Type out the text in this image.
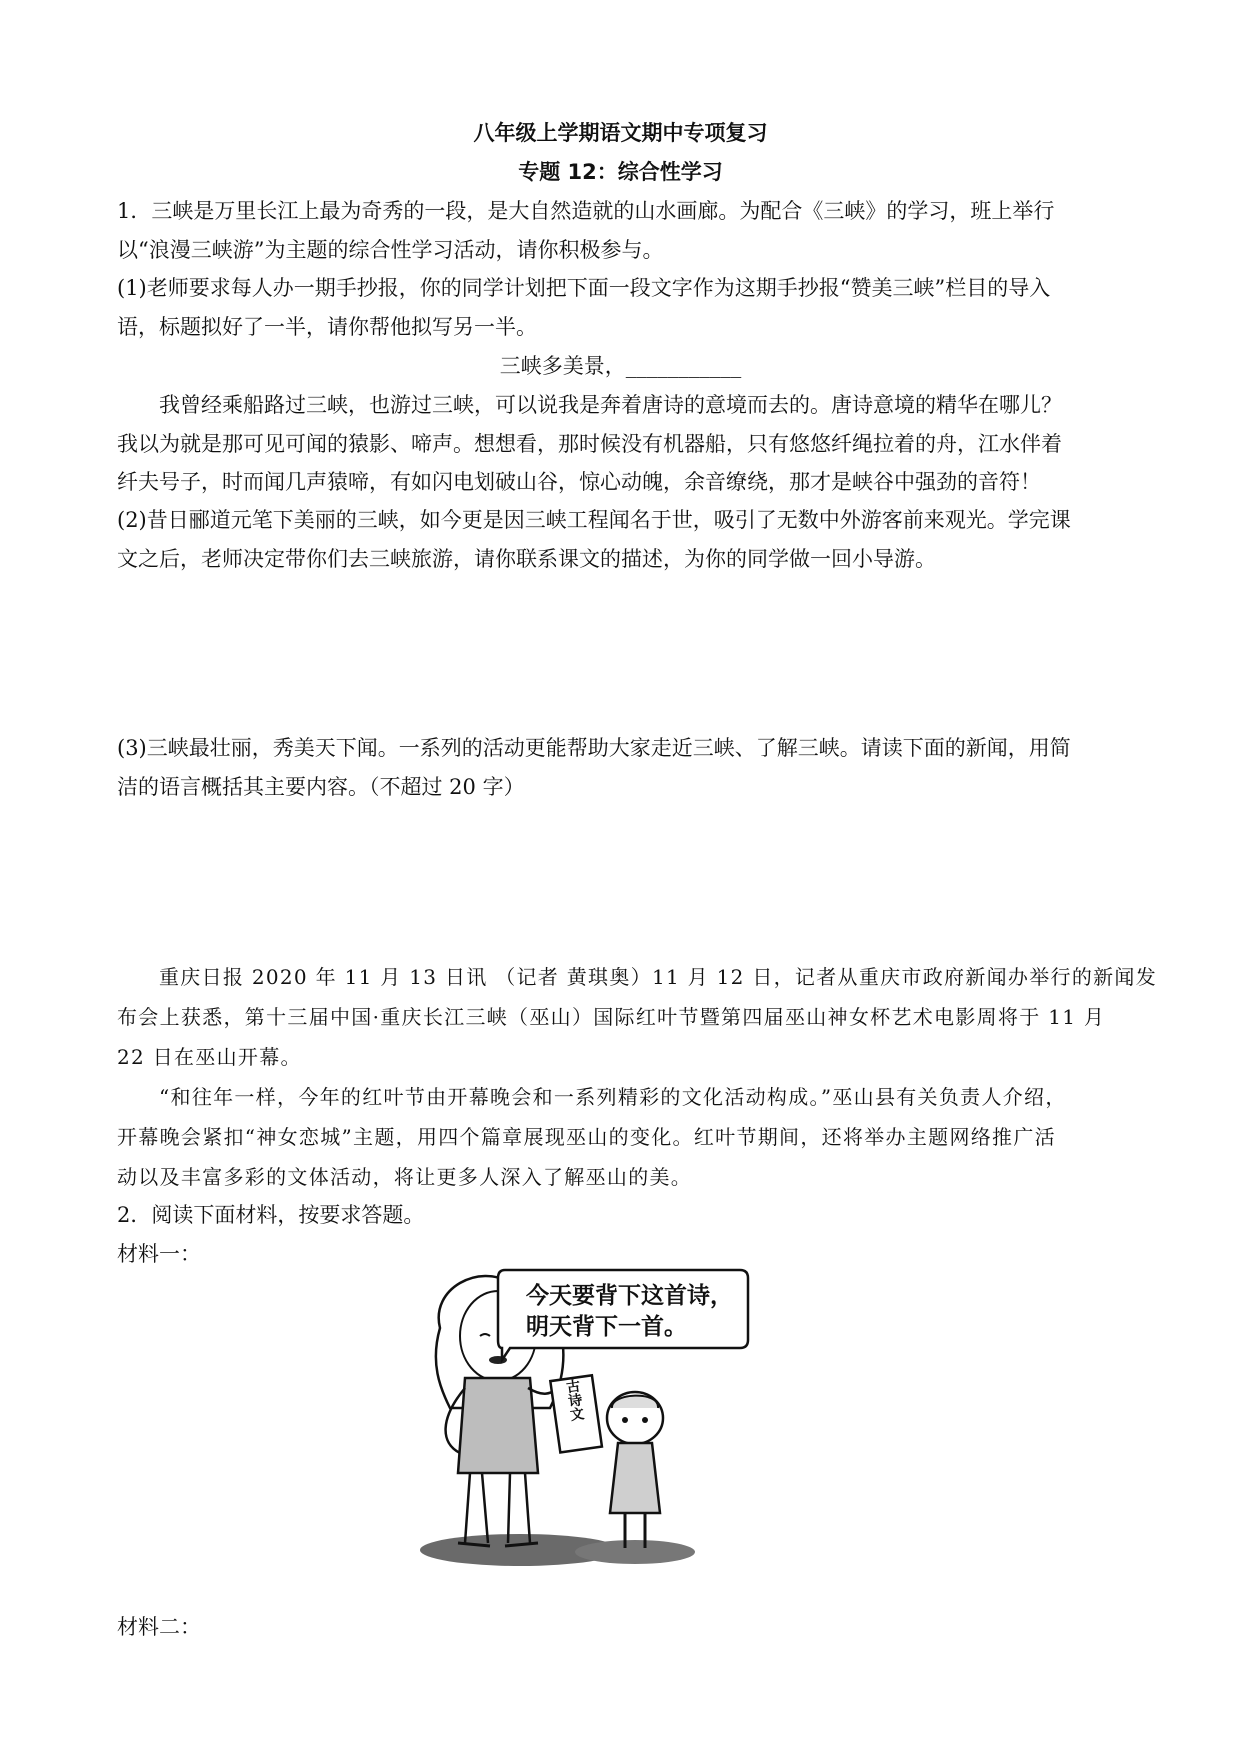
八年级上学期语文期中专项复习
专题 12：综合性学习
1．三峡是万里长江上最为奇秀的一段，是大自然造就的山水画廊。为配合《三峡》的学习，班上举行
以“浪漫三峡游”为主题的综合性学习活动，请你积极参与。
(1)老师要求每人办一期手抄报，你的同学计划把下面一段文字作为这期手抄报“赞美三峡”栏目的导入
语，标题拟好了一半，请你帮他拟写另一半。
三峡多美景，___________
我曾经乘船路过三峡，也游过三峡，可以说我是奔着唐诗的意境而去的。唐诗意境的精华在哪儿？
我以为就是那可见可闻的猿影、啼声。想想看，那时候没有机器船，只有悠悠纤绳拉着的舟，江水伴着
纤夫号子，时而闻几声猿啼，有如闪电划破山谷，惊心动魄，余音缭绕，那才是峡谷中强劲的音符！
(2)昔日郦道元笔下美丽的三峡，如今更是因三峡工程闻名于世，吸引了无数中外游客前来观光。学完课
文之后，老师决定带你们去三峡旅游，请你联系课文的描述，为你的同学做一回小导游。
(3)三峡最壮丽，秀美天下闻。一系列的活动更能帮助大家走近三峡、了解三峡。请读下面的新闻，用简
洁的语言概括其主要内容。（不超过 20 字）
重庆日报 2020 年 11 月 13 日讯 （记者 黄琪奥）11 月 12 日，记者从重庆市政府新闻办举行的新闻发
布会上获悉，第十三届中国·重庆长江三峡（巫山）国际红叶节暨第四届巫山神女杯艺术电影周将于 11 月
22 日在巫山开幕。
“和往年一样，今年的红叶节由开幕晚会和一系列精彩的文化活动构成。”巫山县有关负责人介绍，
开幕晚会紧扣“神女恋城”主题，用四个篇章展现巫山的变化。红叶节期间，还将举办主题网络推广活
动以及丰富多彩的文体活动，将让更多人深入了解巫山的美。
2．阅读下面材料，按要求答题。
材料一：
古诗文
今天要背下这首诗，
明天背下一首。
材料二：
